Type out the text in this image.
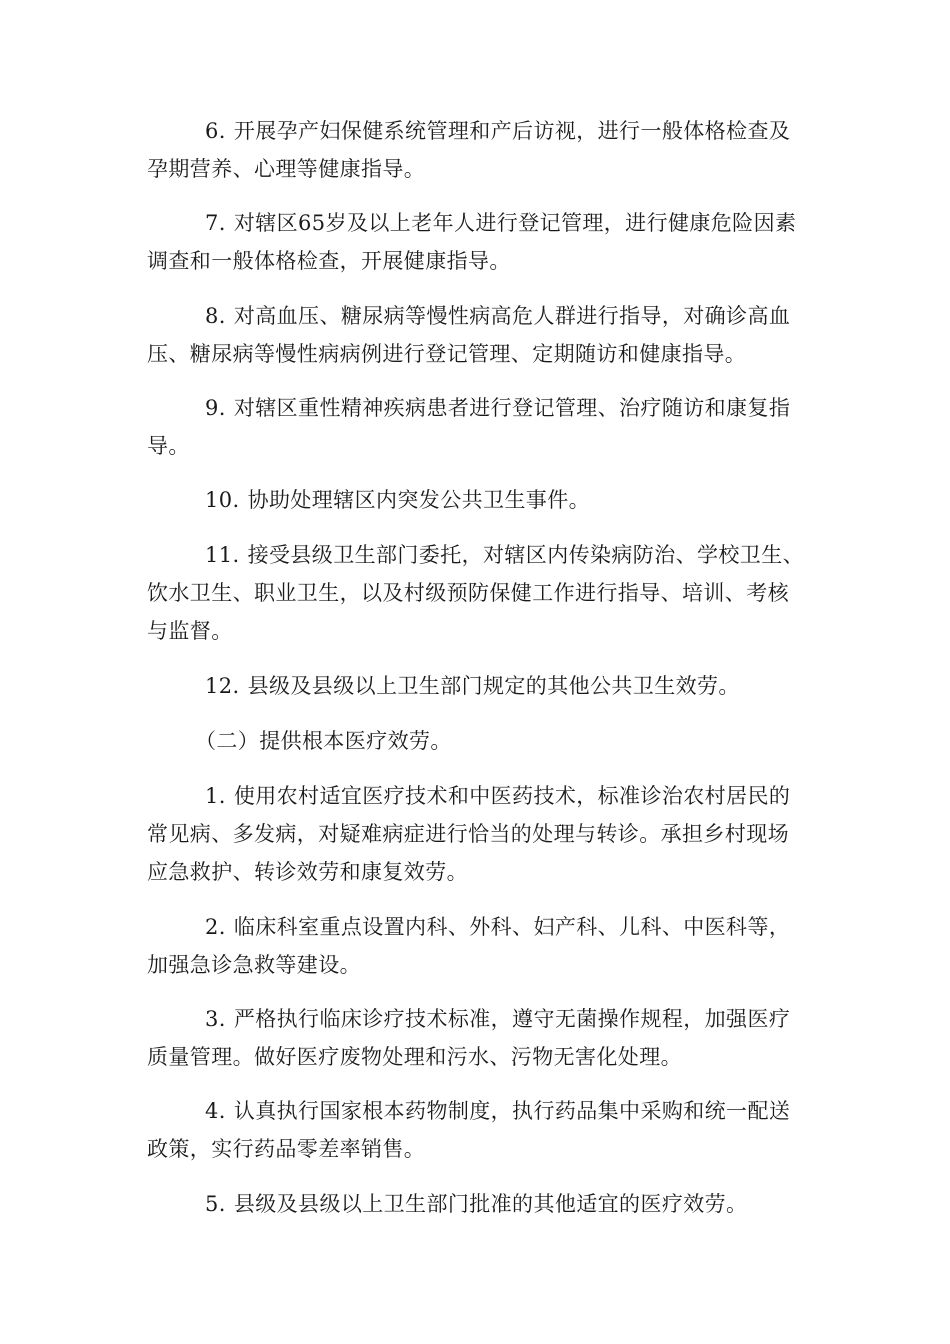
6. 开展孕产妇保健系统管理和产后访视，进行一般体格检查及孕期营养、心理等健康指导。

7. 对辖区65岁及以上老年人进行登记管理，进行健康危险因素调查和一般体格检查，开展健康指导。

8. 对高血压、糖尿病等慢性病高危人群进行指导，对确诊高血压、糖尿病等慢性病病例进行登记管理、定期随访和健康指导。

9. 对辖区重性精神疾病患者进行登记管理、治疗随访和康复指导。

10. 协助处理辖区内突发公共卫生事件。

11. 接受县级卫生部门委托，对辖区内传染病防治、学校卫生、饮水卫生、职业卫生，以及村级预防保健工作进行指导、培训、考核与监督。

12. 县级及县级以上卫生部门规定的其他公共卫生效劳。

（二）提供根本医疗效劳。

1. 使用农村适宜医疗技术和中医药技术，标准诊治农村居民的常见病、多发病，对疑难病症进行恰当的处理与转诊。承担乡村现场应急救护、转诊效劳和康复效劳。

2. 临床科室重点设置内科、外科、妇产科、儿科、中医科等，加强急诊急救等建设。

3. 严格执行临床诊疗技术标准，遵守无菌操作规程，加强医疗质量管理。做好医疗废物处理和污水、污物无害化处理。

4. 认真执行国家根本药物制度，执行药品集中采购和统一配送政策，实行药品零差率销售。

5. 县级及县级以上卫生部门批准的其他适宜的医疗效劳。
